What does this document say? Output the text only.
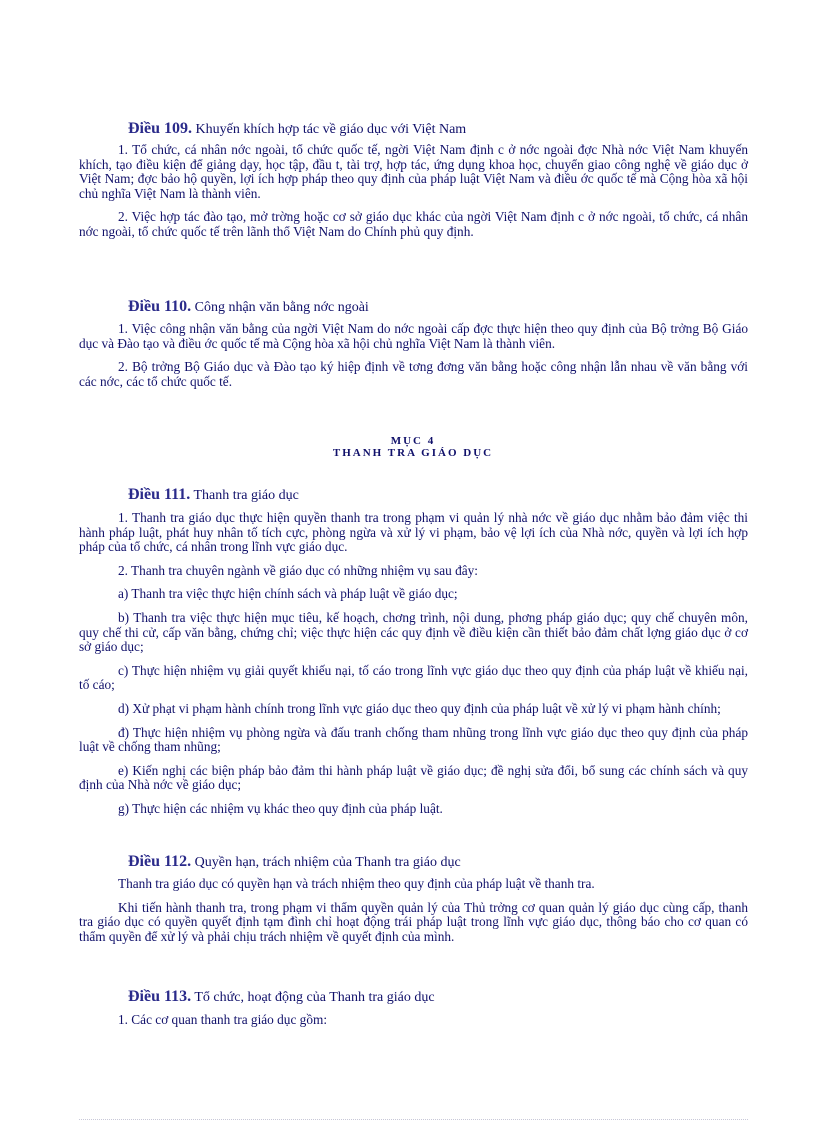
Điều 109. Khuyến khích hợp tác về giáo dục với Việt Nam

1. Tổ chức, cá nhân nớc ngoài, tổ chức quốc tế, ngời Việt Nam định c ở nớc ngoài đợc Nhà nớc Việt Nam khuyến khích, tạo điều kiện để giảng dạy, học tập, đầu t, tài trợ, hợp tác, ứng dụng khoa học, chuyển giao công nghệ về giáo dục ở Việt Nam; đợc bảo hộ quyền, lợi ích hợp pháp theo quy định của pháp luật Việt Nam và điều ớc quốc tế mà Cộng hòa xã hội chủ nghĩa Việt Nam là thành viên.

2. Việc hợp tác đào tạo, mở trờng hoặc cơ sở giáo dục khác của ngời Việt Nam định c ở nớc ngoài, tổ chức, cá nhân nớc ngoài, tổ chức quốc tế trên lãnh thổ Việt Nam do Chính phủ quy định.

Điều 110. Công nhận văn bằng nớc ngoài

1. Việc công nhận văn bằng của ngời Việt Nam do nớc ngoài cấp đợc thực hiện theo quy định của Bộ trởng Bộ Giáo dục và Đào tạo và điều ớc quốc tế mà Cộng hòa xã hội chủ nghĩa Việt Nam là thành viên.

2. Bộ trởng Bộ Giáo dục và Đào tạo ký hiệp định về tơng đơng văn bằng hoặc công nhận lẫn nhau về văn bằng với các nớc, các tổ chức quốc tế.

MỤC 4
THANH TRA GIÁO DỤC
Điều 111. Thanh tra giáo dục

1. Thanh tra giáo dục thực hiện quyền thanh tra trong phạm vi quản lý nhà nớc về giáo dục nhằm bảo đảm việc thi hành pháp luật, phát huy nhân tố tích cực, phòng ngừa và xử lý vi phạm, bảo vệ lợi ích của Nhà nớc, quyền và lợi ích hợp pháp của tổ chức, cá nhân trong lĩnh vực giáo dục.

2. Thanh tra chuyên ngành về giáo dục có những nhiệm vụ sau đây:

a) Thanh tra việc thực hiện chính sách và pháp luật về giáo dục;

b) Thanh tra việc thực hiện mục tiêu, kế hoạch, chơng trình, nội dung, phơng pháp giáo dục; quy chế chuyên môn, quy chế thi cử, cấp văn bằng, chứng chỉ; việc thực hiện các quy định về điều kiện cần thiết bảo đảm chất lợng giáo dục ở cơ sở giáo dục;

c) Thực hiện nhiệm vụ giải quyết khiếu nại, tố cáo trong lĩnh vực giáo dục theo quy định của pháp luật về khiếu nại, tố cáo;

d) Xử phạt vi phạm hành chính trong lĩnh vực giáo dục theo quy định của pháp luật về xử lý vi phạm hành chính;

đ) Thực hiện nhiệm vụ phòng ngừa và đấu tranh chống tham nhũng trong lĩnh vực giáo dục theo quy định của pháp luật về chống tham nhũng;

e) Kiến nghị các biện pháp bảo đảm thi hành pháp luật về giáo dục; đề nghị sửa đổi, bổ sung các chính sách và quy định của Nhà nớc về giáo dục;

g) Thực hiện các nhiệm vụ khác theo quy định của pháp luật.

Điều 112. Quyền hạn, trách nhiệm của Thanh tra giáo dục

Thanh tra giáo dục có quyền hạn và trách nhiệm theo quy định của pháp luật về thanh tra.

Khi tiến hành thanh tra, trong phạm vi thẩm quyền quản lý của Thủ trởng cơ quan quản lý giáo dục cùng cấp, thanh tra giáo dục có quyền quyết định tạm đình chỉ hoạt động trái pháp luật trong lĩnh vực giáo dục, thông báo cho cơ quan có thẩm quyền để xử lý và phải chịu trách nhiệm về quyết định của mình.

Điều 113. Tổ chức, hoạt động của Thanh tra giáo dục

1. Các cơ quan thanh tra giáo dục gồm:
